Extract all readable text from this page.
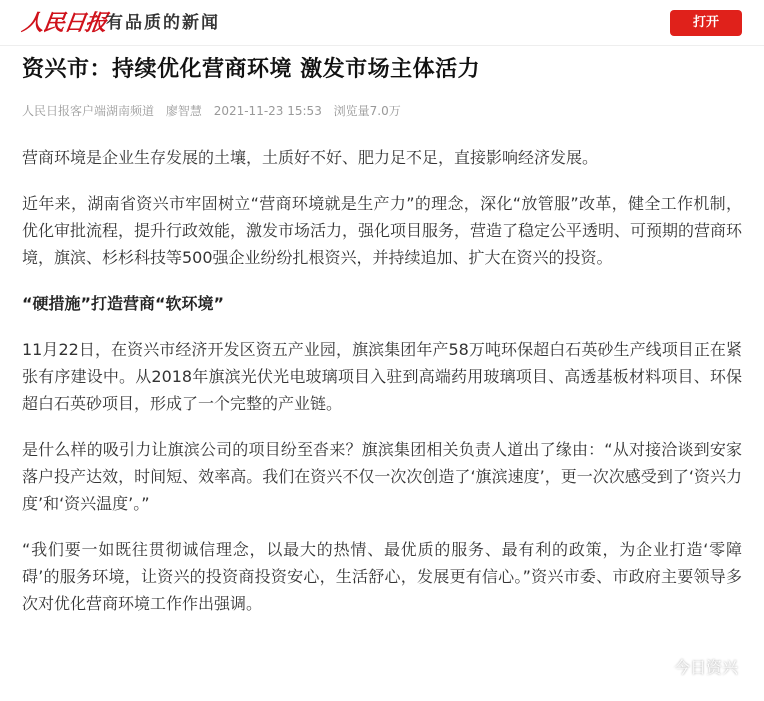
人民日报
有品质的新闻	打开
资兴市：持续优化营商环境 激发市场主体活力
人民日报客户端湖南频道 廖智慧 2021-11-23 15:53 浏览量7.0万

营商环境是企业生存发展的土壤，土质好不好、肥力足不足，直接影响经济发展。

近年来，湖南省资兴市牢固树立“营商环境就是生产力”的理念，深化“放管服”改革，健全工作机制，优化审批流程，提升行政效能，激发市场活力，强化项目服务，营造了稳定公平透明、可预期的营商环境，旗滨、杉杉科技等500强企业纷纷扎根资兴，并持续追加、扩大在资兴的投资。

“硬措施”打造营商“软环境”

11月22日，在资兴市经济开发区资五产业园，旗滨集团年产58万吨环保超白石英砂生产线项目正在紧张有序建设中。从2018年旗滨光伏光电玻璃项目入驻到高端药用玻璃项目、高透基板材料项目、环保超白石英砂项目，形成了一个完整的产业链。

是什么样的吸引力让旗滨公司的项目纷至沓来？旗滨集团相关负责人道出了缘由：“从对接洽谈到安家落户投产达效，时间短、效率高。我们在资兴不仅一次次创造了‘旗滨速度’，更一次次感受到了‘资兴力度’和‘资兴温度’。”

“我们要一如既往贯彻诚信理念，以最大的热情、最优质的服务、最有利的政策，为企业打造‘零障碍’的服务环境，让资兴的投资商投资安心，生活舒心，发展更有信心。”资兴市委、市政府主要领导多次对优化营商环境工作作出强调。

今日资兴
